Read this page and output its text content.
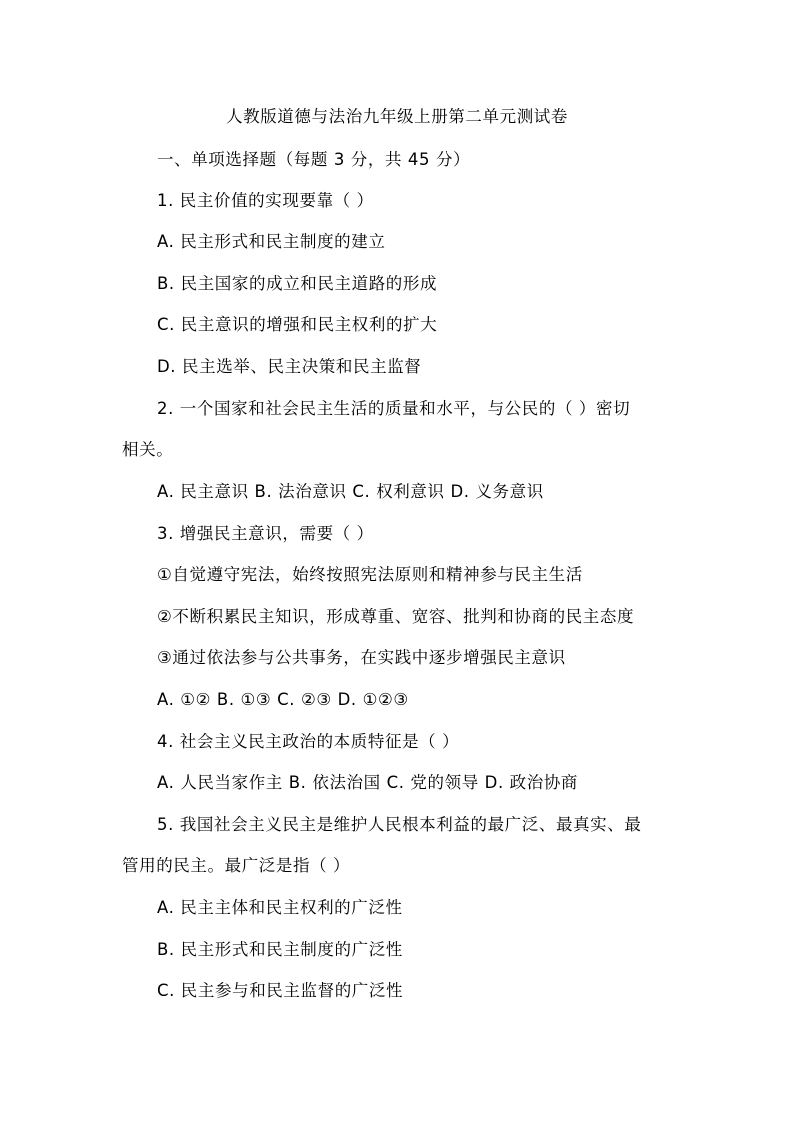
人教版道德与法治九年级上册第二单元测试卷
一、单项选择题（每题 3 分，共 45 分）
1. 民主价值的实现要靠（ ）
A. 民主形式和民主制度的建立
B. 民主国家的成立和民主道路的形成
C. 民主意识的增强和民主权利的扩大
D. 民主选举、民主决策和民主监督
2. 一个国家和社会民主生活的质量和水平，与公民的（ ）密切
相关。
A. 民主意识 B. 法治意识 C. 权利意识 D. 义务意识
3. 增强民主意识，需要（ ）
①自觉遵守宪法，始终按照宪法原则和精神参与民主生活
②不断积累民主知识，形成尊重、宽容、批判和协商的民主态度
③通过依法参与公共事务，在实践中逐步增强民主意识
A. ①② B. ①③ C. ②③ D. ①②③
4. 社会主义民主政治的本质特征是（ ）
A. 人民当家作主 B. 依法治国 C. 党的领导 D. 政治协商
5. 我国社会主义民主是维护人民根本利益的最广泛、最真实、最
管用的民主。最广泛是指（ ）
A. 民主主体和民主权利的广泛性
B. 民主形式和民主制度的广泛性
C. 民主参与和民主监督的广泛性
